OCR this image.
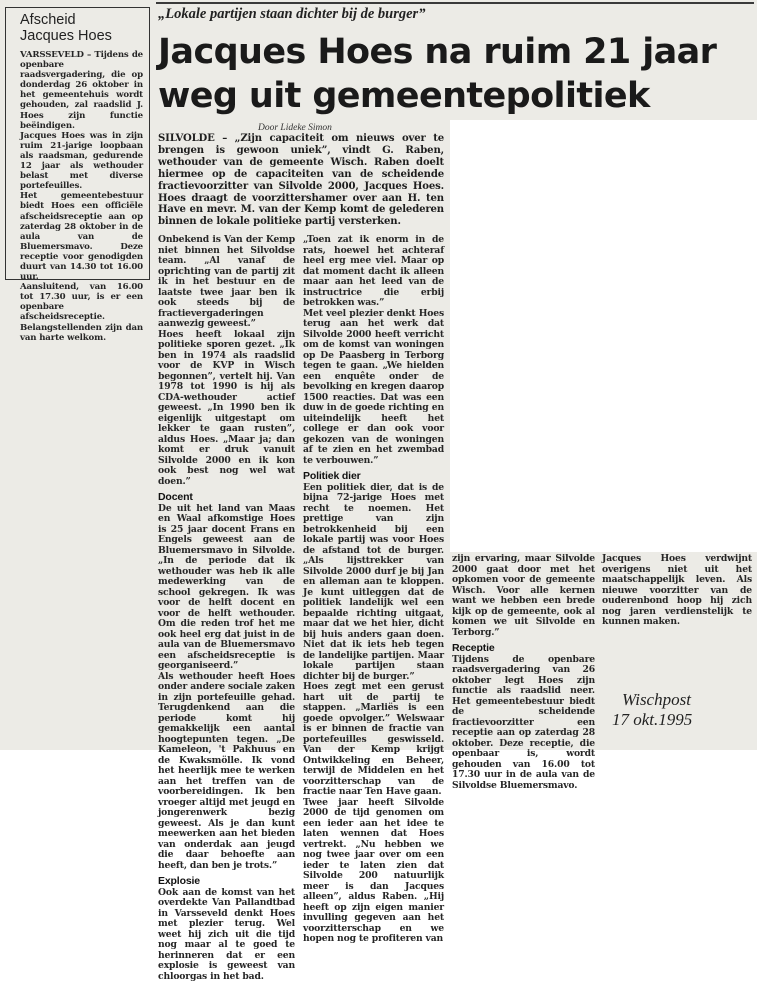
Afscheid
Jacques Hoes

VARSSEVELD – Tijdens de openbare raadsvergadering, die op donderdag 26 oktober in het gemeentehuis wordt gehouden, zal raadslid J. Hoes zijn functie beëindigen.

Jacques Hoes was in zijn ruim 21-jarige loopbaan als raadsman, gedurende 12 jaar als wethouder belast met diverse portefeuilles.

Het gemeentebestuur biedt Hoes een officiële afscheidsreceptie aan op zaterdag 28 oktober in de aula van de Bluemersmavo. Deze receptie voor genodigden duurt van 14.30 tot 16.00 uur.

Aansluitend, van 16.00 tot 17.30 uur, is er een openbare afscheidsreceptie. Belangstellenden zijn dan van harte welkom.

„Lokale partijen staan dichter bij de burger”
Jacques Hoes na ruim 21 jaar
weg uit gemeentepolitiek
Door Lideke Simon
SILVOLDE – „Zijn capaciteit om nieuws over te brengen is gewoon uniek”, vindt G. Raben, wethouder van de gemeente Wisch. Raben doelt hiermee op de capaciteiten van de scheidende fractievoorzitter van Silvolde 2000, Jacques Hoes. Hoes draagt de voorzittershamer over aan H. ten Have en mevr. M. van der Kemp komt de gelederen binnen de lokale politieke partij versterken.

Onbekend is Van der Kemp niet binnen het Silvoldse team. „Al vanaf de oprichting van de partij zit ik in het bestuur en de laatste twee jaar ben ik ook steeds bij de fractievergaderingen aanwezig geweest.”

Hoes heeft lokaal zijn politieke sporen gezet. „Ik ben in 1974 als raadslid voor de KVP in Wisch begonnen”, vertelt hij. Van 1978 tot 1990 is hij als CDA-wethouder actief geweest. „In 1990 ben ik eigenlijk uitgestapt om lekker te gaan rusten”, aldus Hoes. „Maar ja; dan komt er druk vanuit Silvolde 2000 en ik kon ook best nog wel wat doen.”

Docent

De uit het land van Maas en Waal afkomstige Hoes is 25 jaar docent Frans en Engels geweest aan de Bluemersmavo in Silvolde. „In de periode dat ik wethouder was heb ik alle medewerking van de school gekregen. Ik was voor de helft docent en voor de helft wethouder. Om die reden trof het me ook heel erg dat juist in de aula van de Bluemersmavo een afscheidsreceptie is georganiseerd.”

Als wethouder heeft Hoes onder andere sociale zaken in zijn portefeuille gehad. Terugdenkend aan die periode komt hij gemakkelijk een aantal hoogtepunten tegen. „De Kameleon, 't Pakhuus en de Kwaksmölle. Ik vond het heerlijk mee te werken aan het treffen van de voorbereidingen. Ik ben vroeger altijd met jeugd en jongerenwerk bezig geweest. Als je dan kunt meewerken aan het bieden van onderdak aan jeugd die daar behoefte aan heeft, dan ben je trots.”

Explosie

Ook aan de komst van het overdekte Van Pallandtbad in Varsseveld denkt Hoes met plezier terug. Wel weet hij zich uit die tijd nog maar al te goed te herinneren dat er een explosie is geweest van chloorgas in het bad.

„Toen zat ik enorm in de rats, hoewel het achteraf heel erg mee viel. Maar op dat moment dacht ik alleen maar aan het leed van de instructrice die erbij betrokken was.”

Met veel plezier denkt Hoes terug aan het werk dat Silvolde 2000 heeft verricht om de komst van woningen op De Paasberg in Terborg tegen te gaan. „We hielden een enquête onder de bevolking en kregen daarop 1500 reacties. Dat was een duw in de goede richting en uiteindelijk heeft het college er dan ook voor gekozen van de woningen af te zien en het zwembad te verbouwen.”

Politiek dier

Een politiek dier, dat is de bijna 72-jarige Hoes met recht te noemen. Het prettige van zijn betrokkenheid bij een lokale partij was voor Hoes de afstand tot de burger. „Als lijsttrekker van Silvolde 2000 durf je bij Jan en alleman aan te kloppen. Je kunt uitleggen dat de politiek landelijk wel een bepaalde richting uitgaat, maar dat we het hier, dicht bij huis anders gaan doen. Niet dat ik iets heb tegen de landelijke partijen. Maar lokale partijen staan dichter bij de burger.”

Hoes zegt met een gerust hart uit de partij te stappen. „Marliës is een goede opvolger.” Welswaar is er binnen de fractie van portefeuilles geswisseld. Van der Kemp krijgt Ontwikkeling en Beheer, terwijl de Middelen en het voorzitterschap van de fractie naar Ten Have gaan.

Twee jaar heeft Silvolde 2000 de tijd genomen om een ieder aan het idee te laten wennen dat Hoes vertrekt. „Nu hebben we nog twee jaar over om een ieder te laten zien dat Silvolde 200 natuurlijk meer is dan Jacques alleen”, aldus Raben. „Hij heeft op zijn eigen manier invulling gegeven aan het voorzitterschap en we hopen nog te profiteren van

zijn ervaring, maar Silvolde 2000 gaat door met het opkomen voor de gemeente Wisch. Voor alle kernen want we hebben een brede kijk op de gemeente, ook al komen we uit Silvolde en Terborg.”

Receptie

Tijdens de openbare raadsvergadering van 26 oktober legt Hoes zijn functie als raadslid neer. Het gemeentebestuur biedt de scheidende fractievoorzitter een receptie aan op zaterdag 28 oktober. Deze receptie, die openbaar is, wordt gehouden van 16.00 tot 17.30 uur in de aula van de Silvoldse Bluemersmavo.

Jacques Hoes verdwijnt overigens niet uit het maatschappelijk leven. Als nieuwe voorzitter van de ouderenbond hoop hij zich nog jaren verdienstelijk te kunnen maken.

Wischpost
17 okt.1995
